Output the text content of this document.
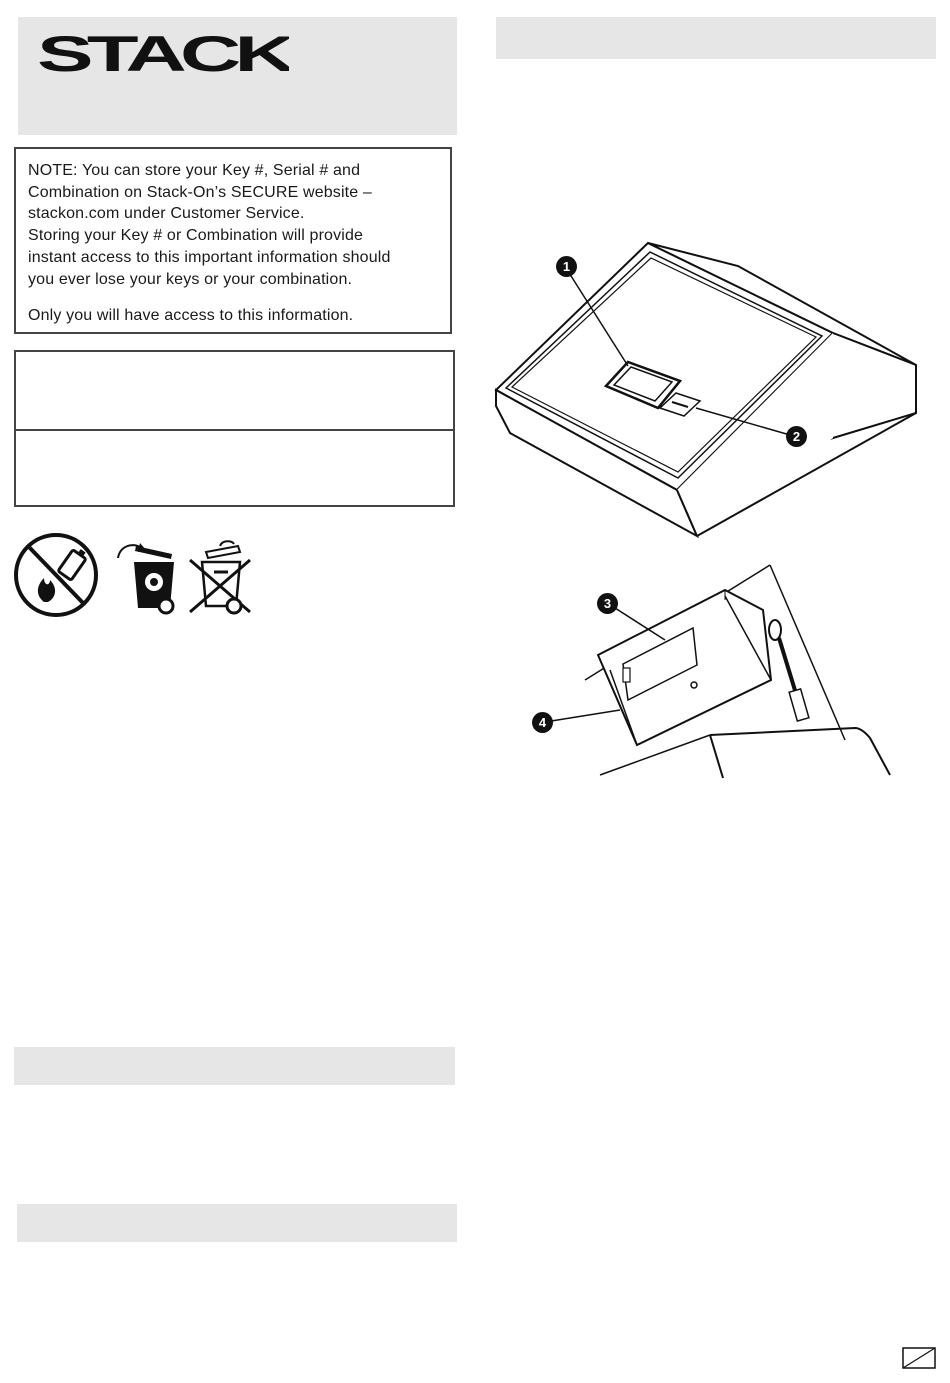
STACK

NOTE: You can store your Key #, Serial # and

Combination on Stack-On’s SECURE website –

stackon.com under Customer Service.

Storing your Key # or Combination will provide

instant access to this important information should

you ever lose your keys or your combination.

Only you will have access to this information.

1
2
3
4
